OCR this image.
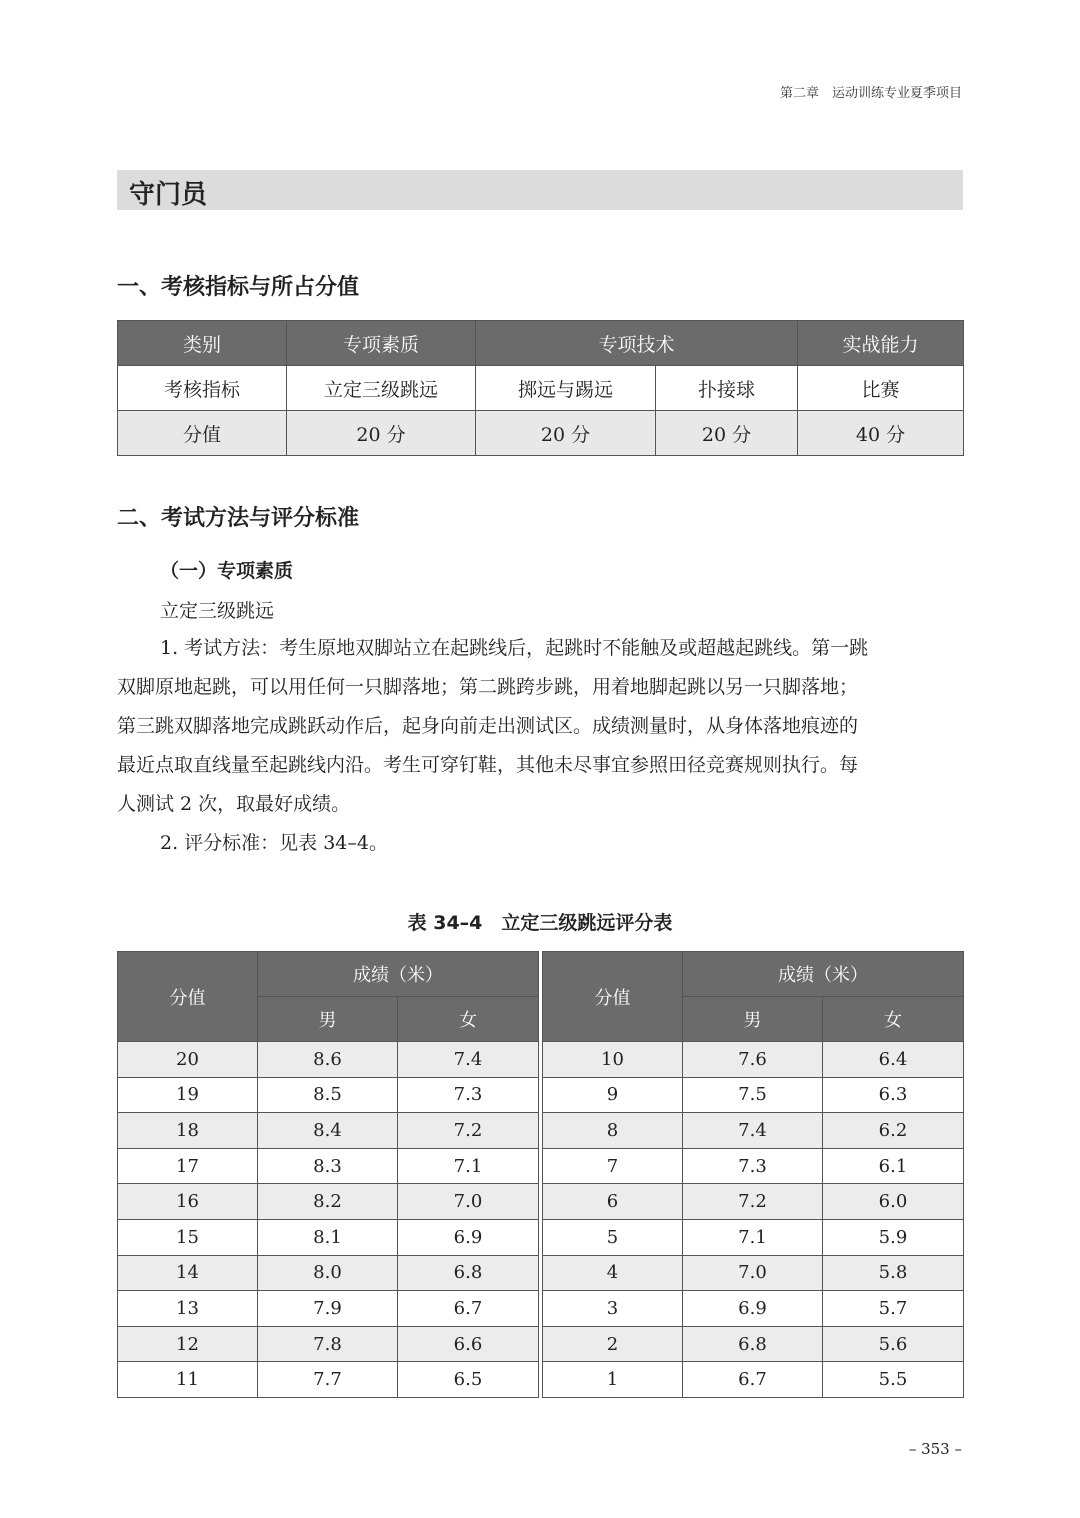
第二章　运动训练专业夏季项目
守门员
一、考核指标与所占分值
类别	专项素质	专项技术		实战能力
考核指标	立定三级跳远	掷远与踢远	扑接球	比赛
分值	20 分	20 分	20 分	40 分
二、考试方法与评分标准
（一）专项素质
立定三级跳远
1. 考试方法：考生原地双脚站立在起跳线后，起跳时不能触及或超越起跳线。第一跳
双脚原地起跳，可以用任何一只脚落地；第二跳跨步跳，用着地脚起跳以另一只脚落地；
第三跳双脚落地完成跳跃动作后，起身向前走出测试区。成绩测量时，从身体落地痕迹的
最近点取直线量至起跳线内沿。考生可穿钉鞋，其他未尽事宜参照田径竞赛规则执行。每
人测试 2 次，取最好成绩。
2. 评分标准：见表 34–4。
表 34–4　立定三级跳远评分表
分值	成绩（米）	
	男	女
20	8.6	7.4
19	8.5	7.3
18	8.4	7.2
17	8.3	7.1
16	8.2	7.0
15	8.1	6.9
14	8.0	6.8
13	7.9	6.7
12	7.8	6.6
11	7.7	6.5
分值	成绩（米）	
	男	女
10	7.6	6.4
9	7.5	6.3
8	7.4	6.2
7	7.3	6.1
6	7.2	6.0
5	7.1	5.9
4	7.0	5.8
3	6.9	5.7
2	6.8	5.6
1	6.7	5.5
– 353 –
